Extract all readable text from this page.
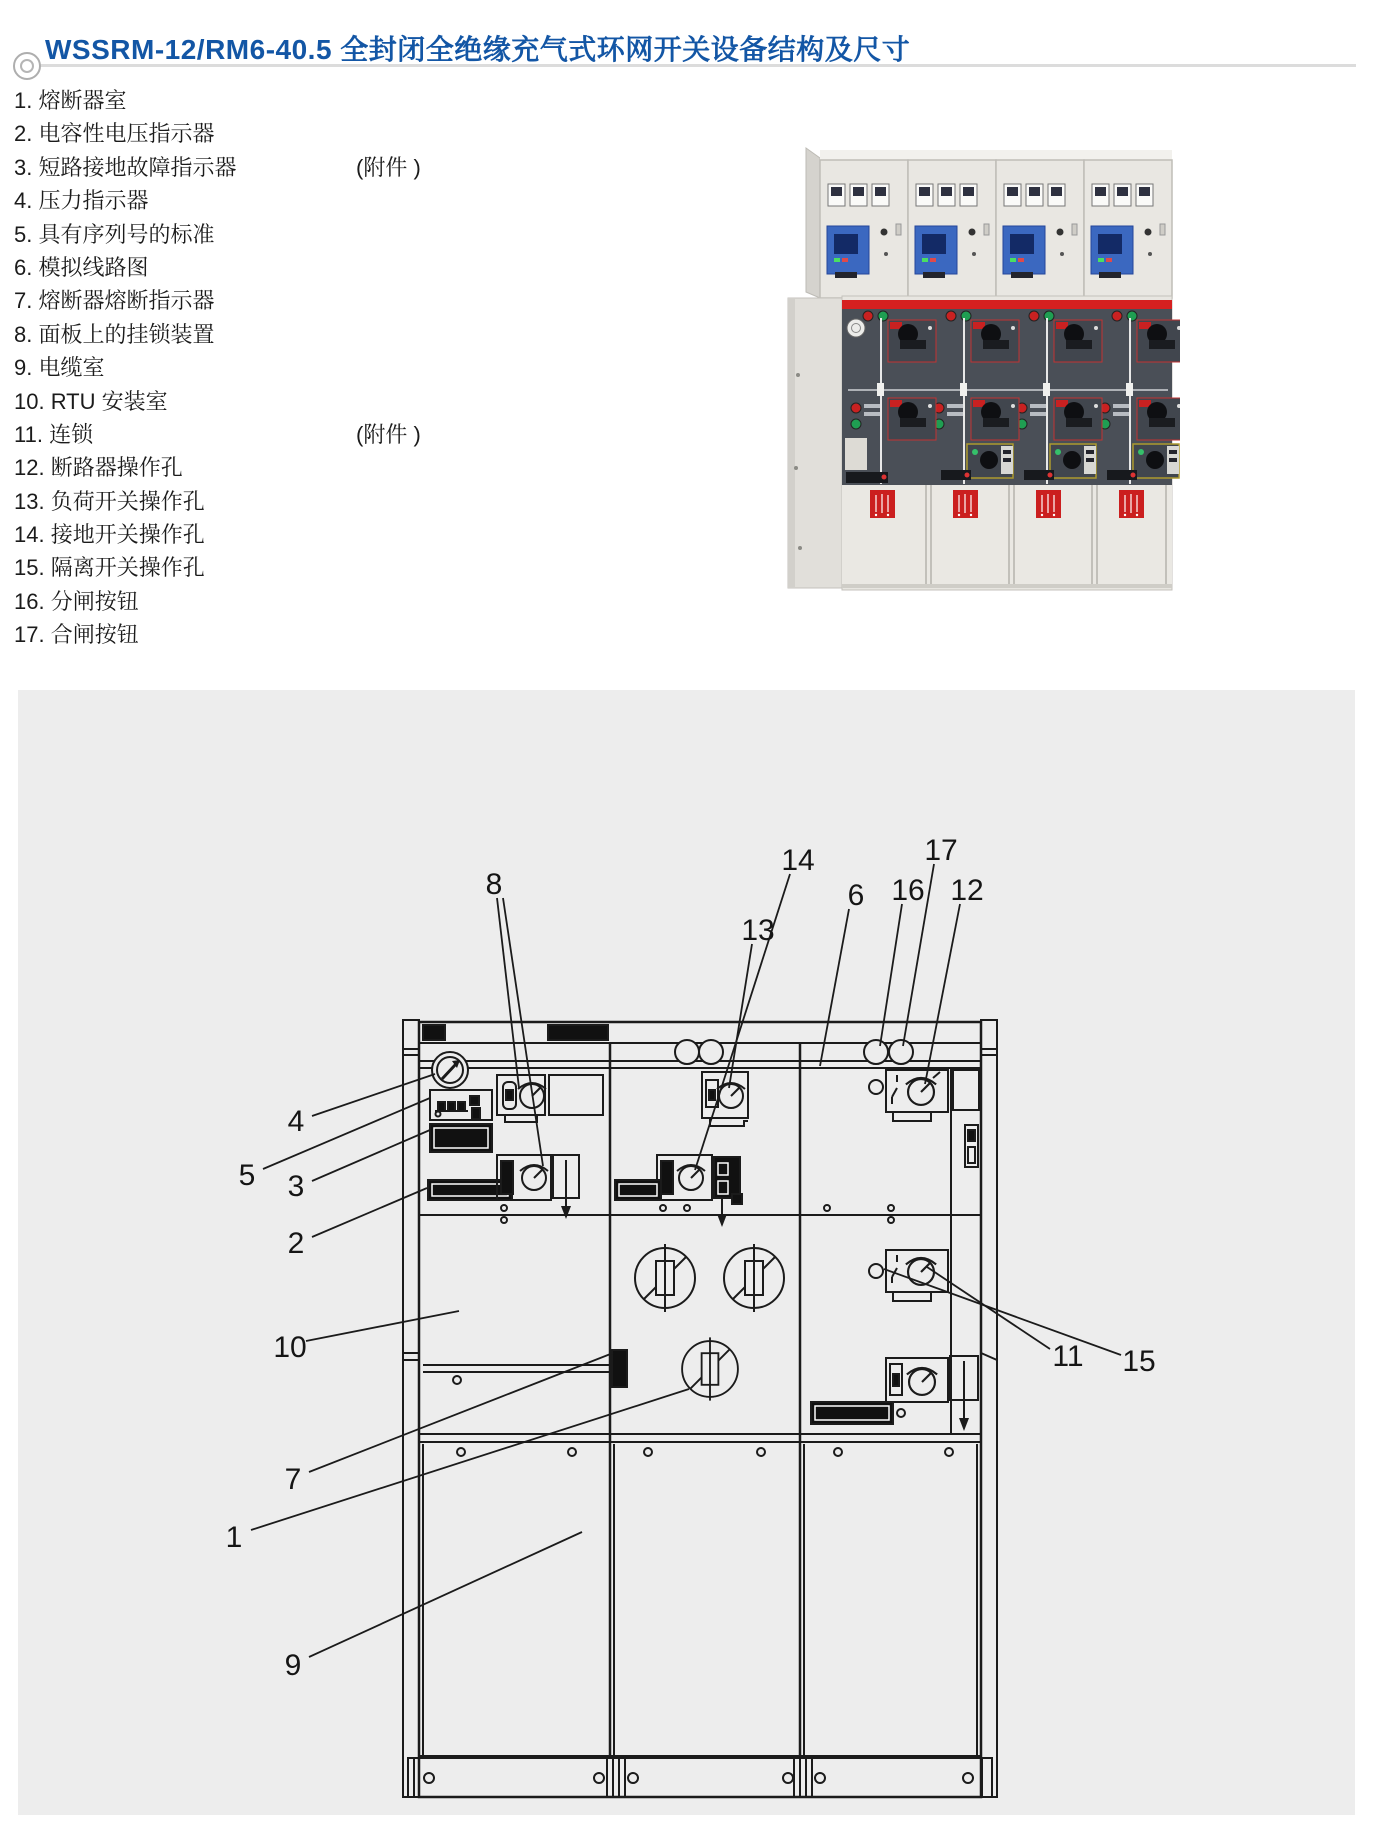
WSSRM-12/RM6-40.5 全封闭全绝缘充气式环网开关设备结构及尺寸
1. 熔断器室
2. 电容性电压指示器
3. 短路接地故障指示器	(附件 )
4. 压力指示器
5. 具有序列号的标准
6. 模拟线路图
7. 熔断器熔断指示器
8. 面板上的挂锁装置
9. 电缆室
10. RTU 安装室
11. 连锁	(附件 )
12. 断路器操作孔
13. 负荷开关操作孔
14. 接地开关操作孔
15. 隔离开关操作孔
16. 分闸按钮
17. 合闸按钮
8
13
14
6 16
17
12
4
5 3
2
10
7
1
9
11 15
